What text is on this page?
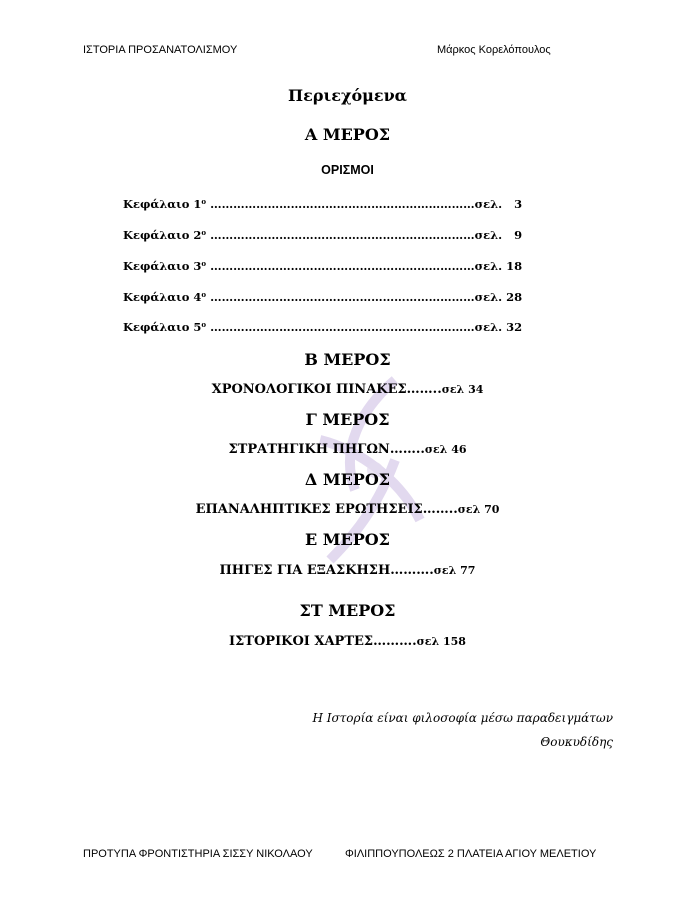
ΙΣΤΟΡΙΑ ΠΡΟΣΑΝΑΤΟΛΙΣΜΟΥ	Μάρκος Κορελόπουλος
Περιεχόμενα
Α ΜΕΡΟΣ
ΟΡΙΣΜΟΙ
Κεφάλαιο $1^o$ ……………………………………………………………σελ. 3
Κεφάλαιο $2^o$ ……………………………………………………………σελ. 9
Κεφάλαιο $3^o$ ……………………………………………………………σελ. 18
Κεφάλαιο $4^o$ ……………………………………………………………σελ. 28
Κεφάλαιο $5^o$ ……………………………………………………………σελ. 32
Β ΜΕΡΟΣ
ΧΡΟΝΟΛΟΓΙΚΟΙ ΠΙΝΑΚΕΣ……..σελ 34
Γ ΜΕΡΟΣ
ΣΤΡΑΤΗΓΙΚΗ ΠΗΓΩΝ……..σελ 46
Δ ΜΕΡΟΣ
ΕΠΑΝΑΛΗΠΤΙΚΕΣ ΕΡΩΤΗΣΕΙΣ……..σελ 70
Ε ΜΕΡΟΣ
ΠΗΓΕΣ ΓΙΑ ΕΞΑΣΚΗΣΗ……….σελ 77
ΣΤ ΜΕΡΟΣ
ΙΣΤΟΡΙΚΟΙ ΧΑΡΤΕΣ……….σελ 158
Η Ιστορία είναι φιλοσοφία μέσω παραδειγμάτων
Θουκυδίδης
ΠΡΟΤΥΠΑ ΦΡΟΝΤΙΣΤΗΡΙΑ ΣΙΣΣΥ ΝΙΚΟΛΑΟΥ	ΦΙΛΙΠΠΟΥΠΟΛΕΩΣ 2 ΠΛΑΤΕΙΑ ΑΓΙΟΥ ΜΕΛΕΤΙΟΥ
